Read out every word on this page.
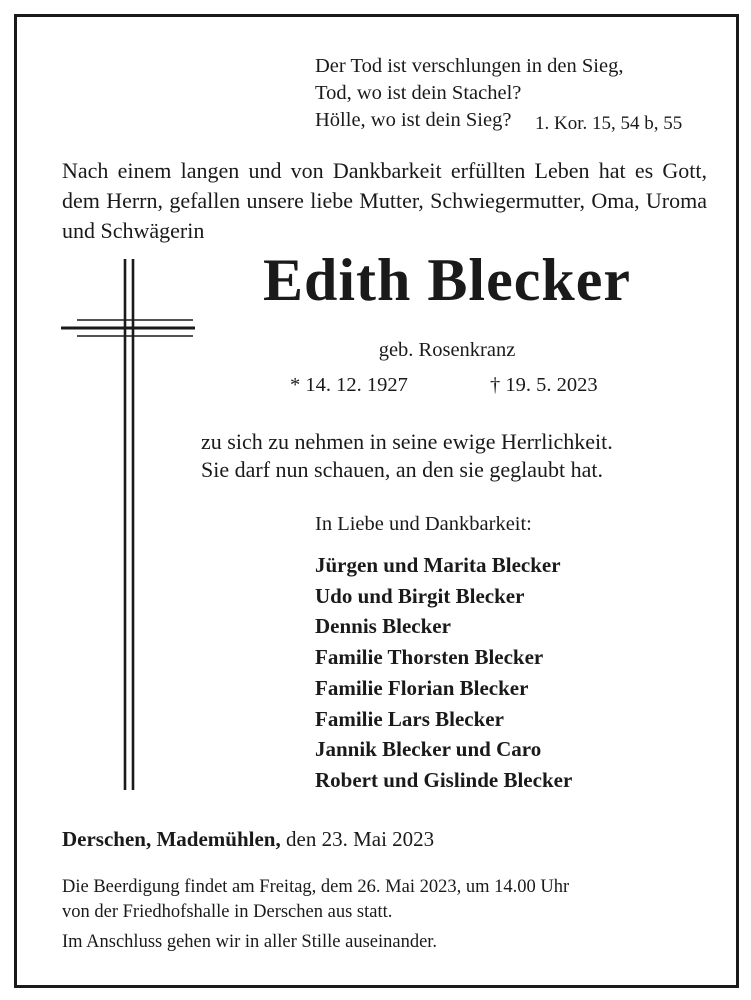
Der Tod ist verschlungen in den Sieg,
Tod, wo ist dein Stachel?
Hölle, wo ist dein Sieg?	1. Kor. 15, 54 b, 55
Nach einem langen und von Dankbarkeit erfüllten Leben hat es Gott, dem Herrn, gefallen unsere liebe Mutter, Schwiegermutter, Oma, Uroma und Schwägerin
Edith Blecker
geb. Rosenkranz
* 14. 12. 1927	† 19. 5. 2023
zu sich zu nehmen in seine ewige Herrlichkeit.
Sie darf nun schauen, an den sie geglaubt hat.
In Liebe und Dankbarkeit:
Jürgen und Marita Blecker
Udo und Birgit Blecker
Dennis Blecker
Familie Thorsten Blecker
Familie Florian Blecker
Familie Lars Blecker
Jannik Blecker und Caro
Robert und Gislinde Blecker
Derschen, Mademühlen, den 23. Mai 2023
Die Beerdigung findet am Freitag, dem 26. Mai 2023, um 14.00 Uhr
von der Friedhofshalle in Derschen aus statt.
Im Anschluss gehen wir in aller Stille auseinander.
